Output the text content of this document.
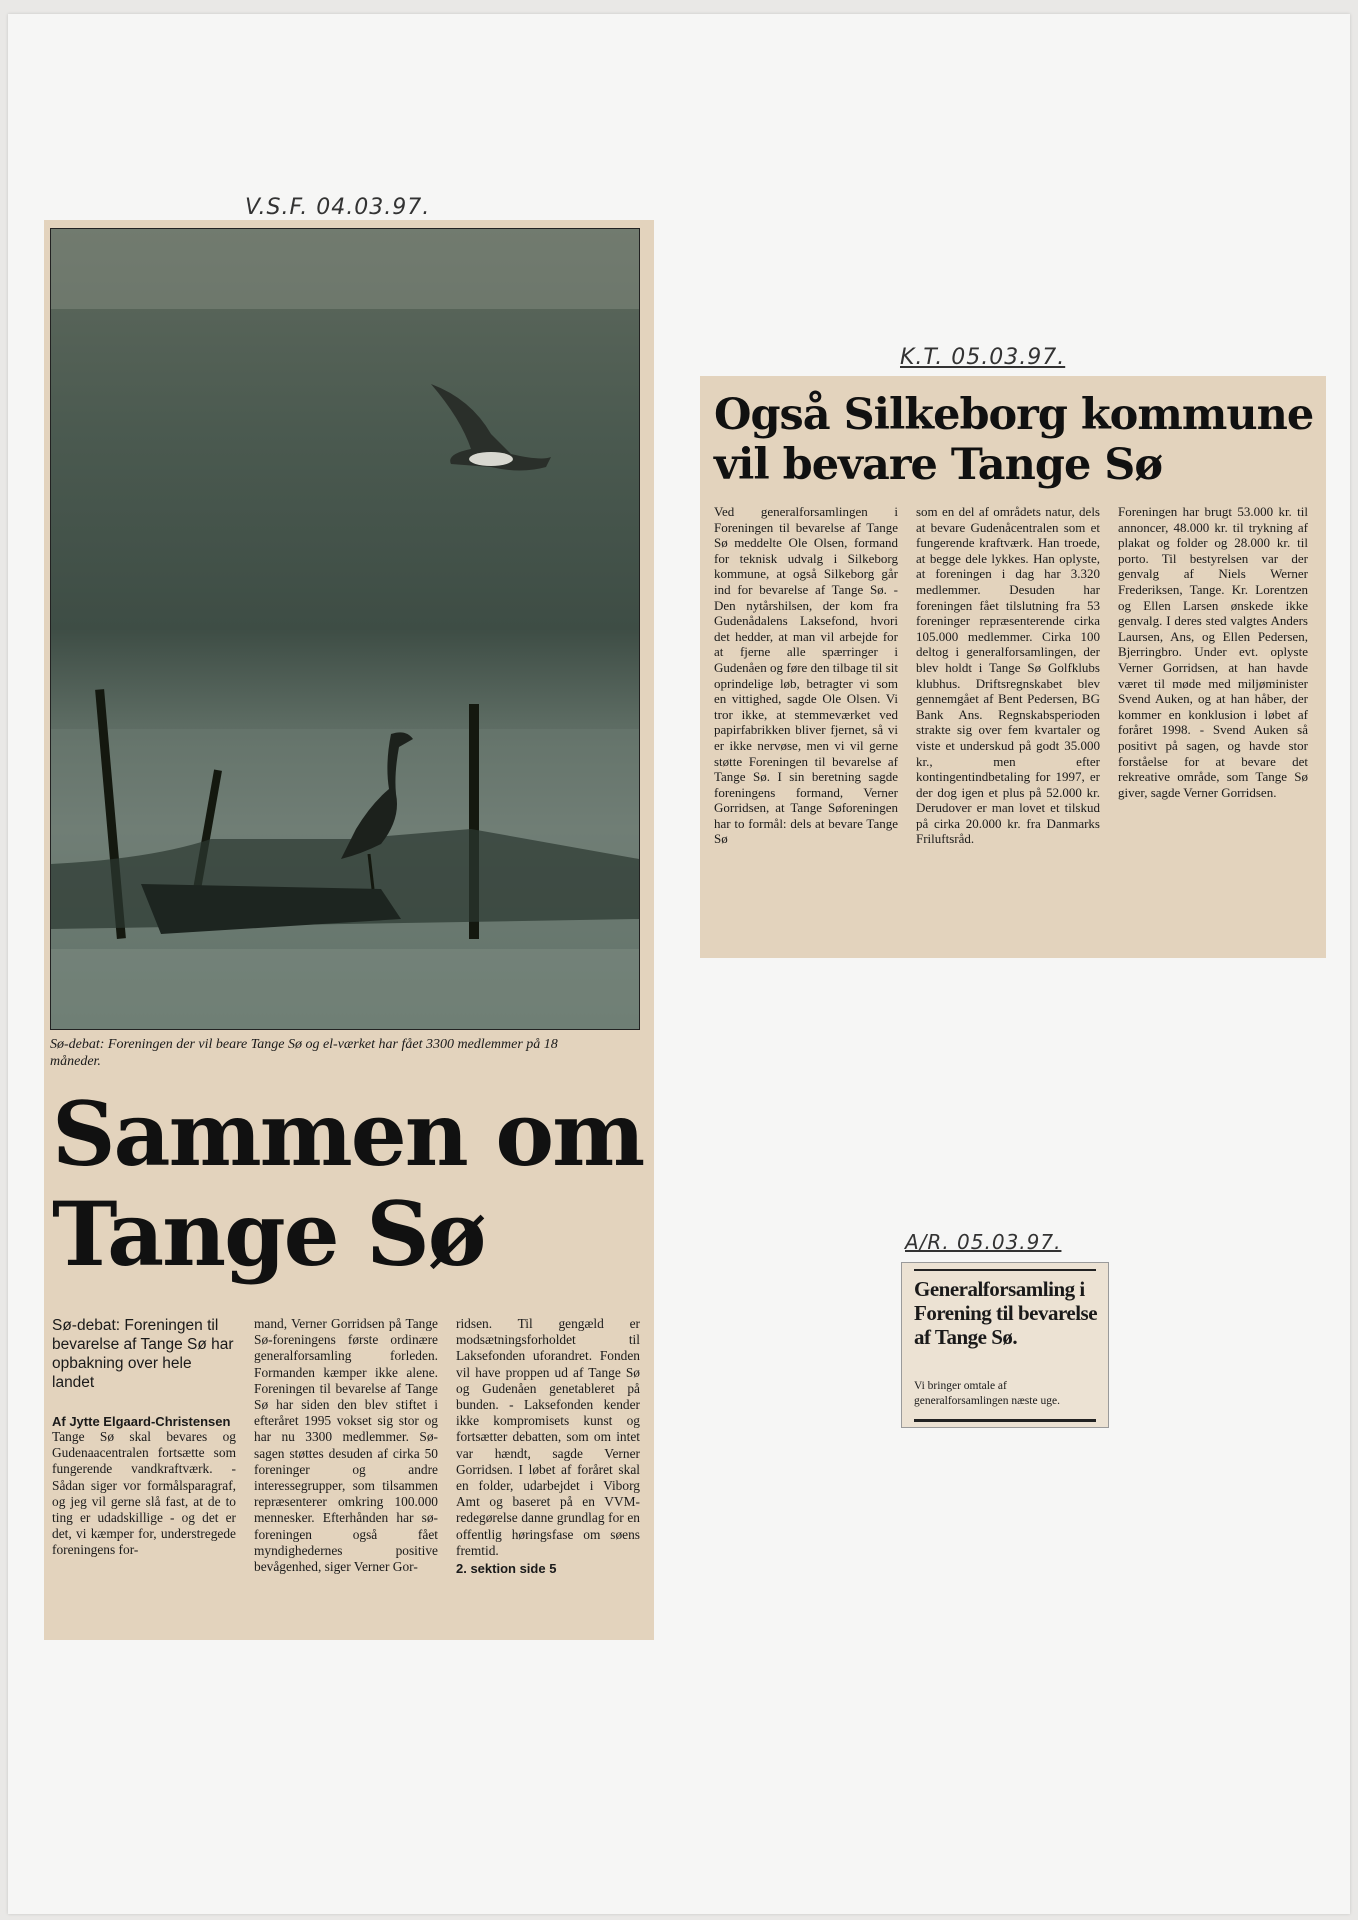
V.S.F. 04.03.97.
K.T. 05.03.97.
A/R. 05.03.97.
Sø-debat: Foreningen der vil beare Tange Sø og el-værket har fået 3300 medlemmer på 18 måneder.
Sammen om
Tange Sø

Sø-debat: Foreningen til bevarelse af Tange Sø har opbakning over hele landet

Af Jytte Elgaard-Christensen

Tange Sø skal bevares og Gudenaacentralen fortsætte som fungerende vandkraftværk. - Sådan siger vor formålsparagraf, og jeg vil gerne slå fast, at de to ting er udadskillige - og det er det, vi kæmper for, understregede foreningens for-

mand, Verner Gorridsen på Tange Sø-foreningens første ordinære generalforsamling forleden. Formanden kæmper ikke alene. Foreningen til bevarelse af Tange Sø har siden den blev stiftet i efteråret 1995 vokset sig stor og har nu 3300 medlemmer. Sø- sagen støttes desuden af cirka 50 foreninger og andre interessegrupper, som tilsammen repræsenterer omkring 100.000 mennesker. Efterhånden har sø-foreningen også fået myndighedernes positive bevågenhed, siger Verner Gor-

ridsen. Til gengæld er modsætningsforholdet til Laksefonden uforandret. Fonden vil have proppen ud af Tange Sø og Gudenåen genetableret på bunden. - Laksefonden kender ikke kompromisets kunst og fortsætter debatten, som om intet var hændt, sagde Verner Gorridsen. I løbet af foråret skal en folder, udarbejdet i Viborg Amt og baseret på en VVM- redegørelse danne grundlag for en offentlig høringsfase om søens fremtid.

2. sektion side 5

Også Silkeborg kommune vil bevare Tange Sø

Ved generalforsamlingen i Foreningen til bevarelse af Tange Sø meddelte Ole Olsen, formand for teknisk udvalg i Silkeborg kommune, at også Silkeborg går ind for bevarelse af Tange Sø. - Den nytårshilsen, der kom fra Gudenådalens Laksefond, hvori det hedder, at man vil arbejde for at fjerne alle spærringer i Gudenåen og føre den tilbage til sit oprindelige løb, betragter vi som en vittighed, sagde Ole Olsen. Vi tror ikke, at stemmeværket ved papirfabrikken bliver fjernet, så vi er ikke nervøse, men vi vil gerne støtte Foreningen til bevarelse af Tange Sø. I sin beretning sagde foreningens formand, Verner Gorridsen, at Tange Søforeningen har to formål: dels at bevare Tange Sø

som en del af områdets natur, dels at bevare Gudenåcentralen som et fungerende kraftværk. Han troede, at begge dele lykkes. Han oplyste, at foreningen i dag har 3.320 medlemmer. Desuden har foreningen fået tilslutning fra 53 foreninger repræsenterende cirka 105.000 medlemmer. Cirka 100 deltog i generalforsamlingen, der blev holdt i Tange Sø Golfklubs klubhus. Driftsregnskabet blev gennemgået af Bent Pedersen, BG Bank Ans. Regnskabsperioden strakte sig over fem kvartaler og viste et underskud på godt 35.000 kr., men efter kontingentindbetaling for 1997, er der dog igen et plus på 52.000 kr. Derudover er man lovet et tilskud på cirka 20.000 kr. fra Danmarks Friluftsråd.

Foreningen har brugt 53.000 kr. til annoncer, 48.000 kr. til trykning af plakat og folder og 28.000 kr. til porto. Til bestyrelsen var der genvalg af Niels Werner Frederiksen, Tange. Kr. Lorentzen og Ellen Larsen ønskede ikke genvalg. I deres sted valgtes Anders Laursen, Ans, og Ellen Pedersen, Bjerringbro. Under evt. oplyste Verner Gorridsen, at han havde været til møde med miljøminister Svend Auken, og at han håber, der kommer en konklusion i løbet af foråret 1998. - Svend Auken så positivt på sagen, og havde stor forståelse for at bevare det rekreative område, som Tange Sø giver, sagde Verner Gorridsen.

Generalforsamling i Forening til bevarelse af Tange Sø.
Vi bringer omtale af generalforsamlingen næste uge.
